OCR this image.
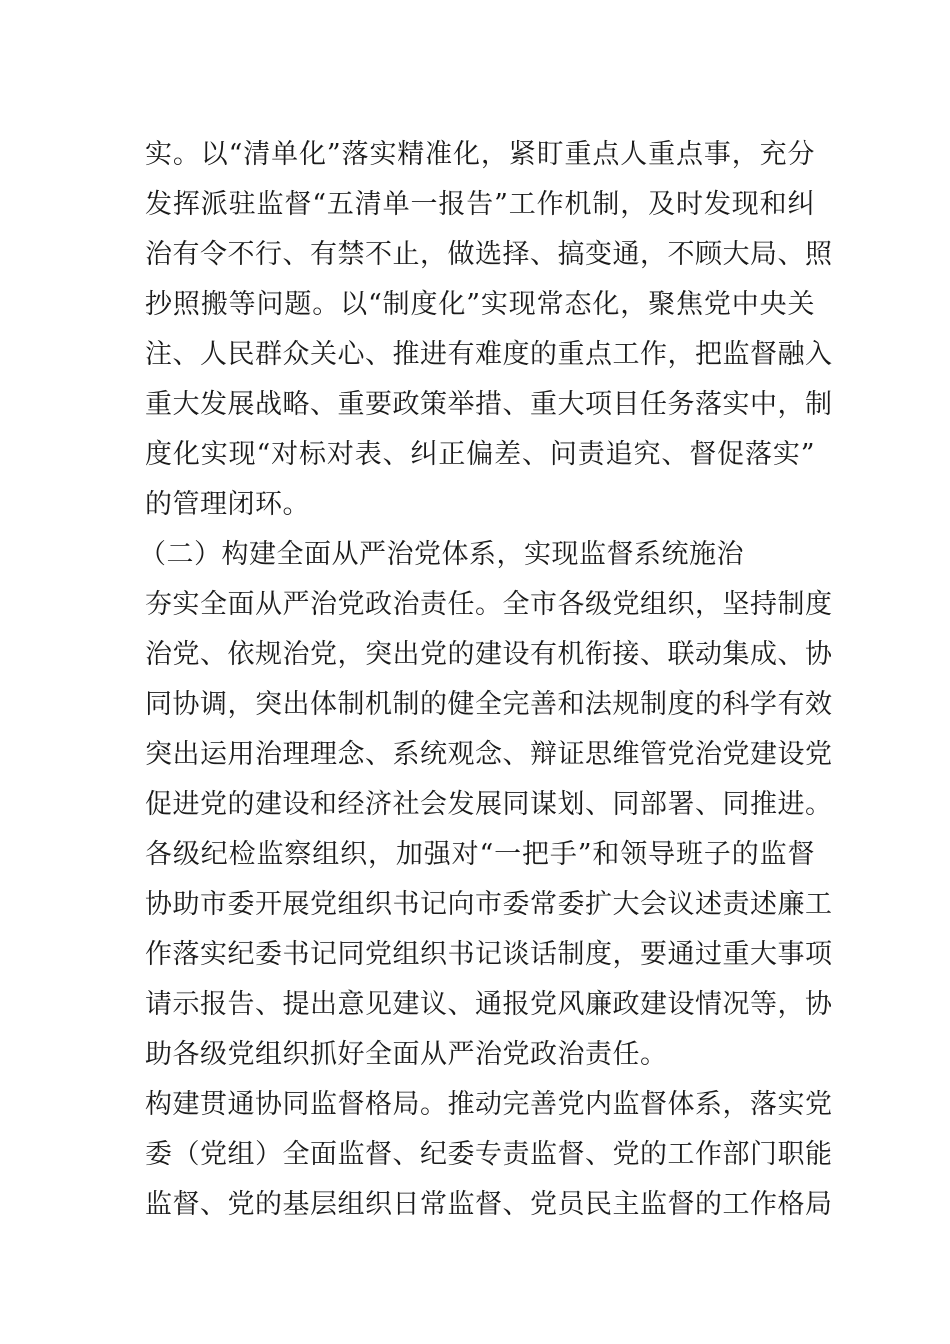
实。以“清单化”落实精准化，紧盯重点人重点事，充分
发挥派驻监督“五清单一报告”工作机制，及时发现和纠
治有令不行、有禁不止，做选择、搞变通，不顾大局、照
抄照搬等问题。以“制度化”实现常态化，聚焦党中央关
注、人民群众关心、推进有难度的重点工作，把监督融入
重大发展战略、重要政策举措、重大项目任务落实中，制
度化实现“对标对表、纠正偏差、问责追究、督促落实”
的管理闭环。
（二）构建全面从严治党体系，实现监督系统施治
夯实全面从严治党政治责任。全市各级党组织，坚持制度
治党、依规治党，突出党的建设有机衔接、联动集成、协
同协调，突出体制机制的健全完善和法规制度的科学有效
突出运用治理理念、系统观念、辩证思维管党治党建设党
促进党的建设和经济社会发展同谋划、同部署、同推进。
各级纪检监察组织，加强对“一把手”和领导班子的监督
协助市委开展党组织书记向市委常委扩大会议述责述廉工
作落实纪委书记同党组织书记谈话制度，要通过重大事项
请示报告、提出意见建议、通报党风廉政建设情况等，协
助各级党组织抓好全面从严治党政治责任。
构建贯通协同监督格局。推动完善党内监督体系，落实党
委（党组）全面监督、纪委专责监督、党的工作部门职能
监督、党的基层组织日常监督、党员民主监督的工作格局
